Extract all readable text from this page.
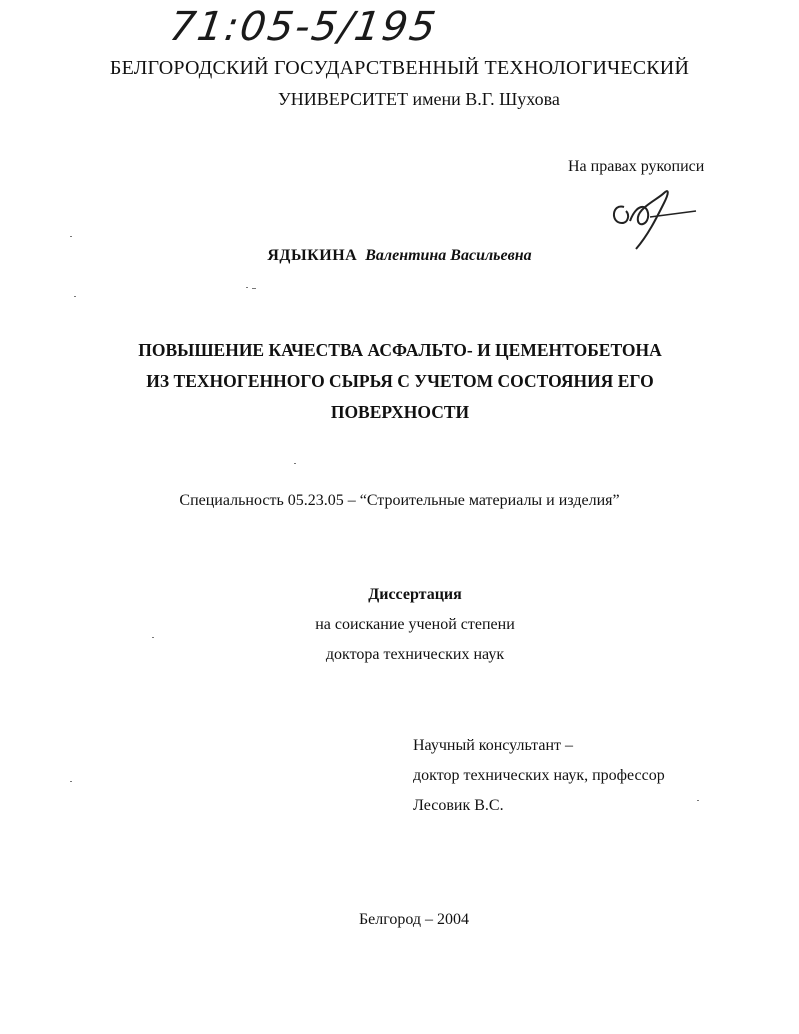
71:05-5/195
БЕЛГОРОДСКИЙ ГОСУДАРСТВЕННЫЙ ТЕХНОЛОГИЧЕСКИЙ
УНИВЕРСИТЕТ имени В.Г. Шухова
На правах рукописи
ЯДЫКИНА Валентина Васильевна
ПОВЫШЕНИЕ КАЧЕСТВА АСФАЛЬТО- И ЦЕМЕНТОБЕТОНА
ИЗ ТЕХНОГЕННОГО СЫРЬЯ С УЧЕТОМ СОСТОЯНИЯ ЕГО
ПОВЕРХНОСТИ
Специальность 05.23.05 – “Строительные материалы и изделия”
Диссертация
на соискание ученой степени
доктора технических наук
Научный консультант –
доктор технических наук, профессор
Лесовик В.С.
Белгород – 2004
